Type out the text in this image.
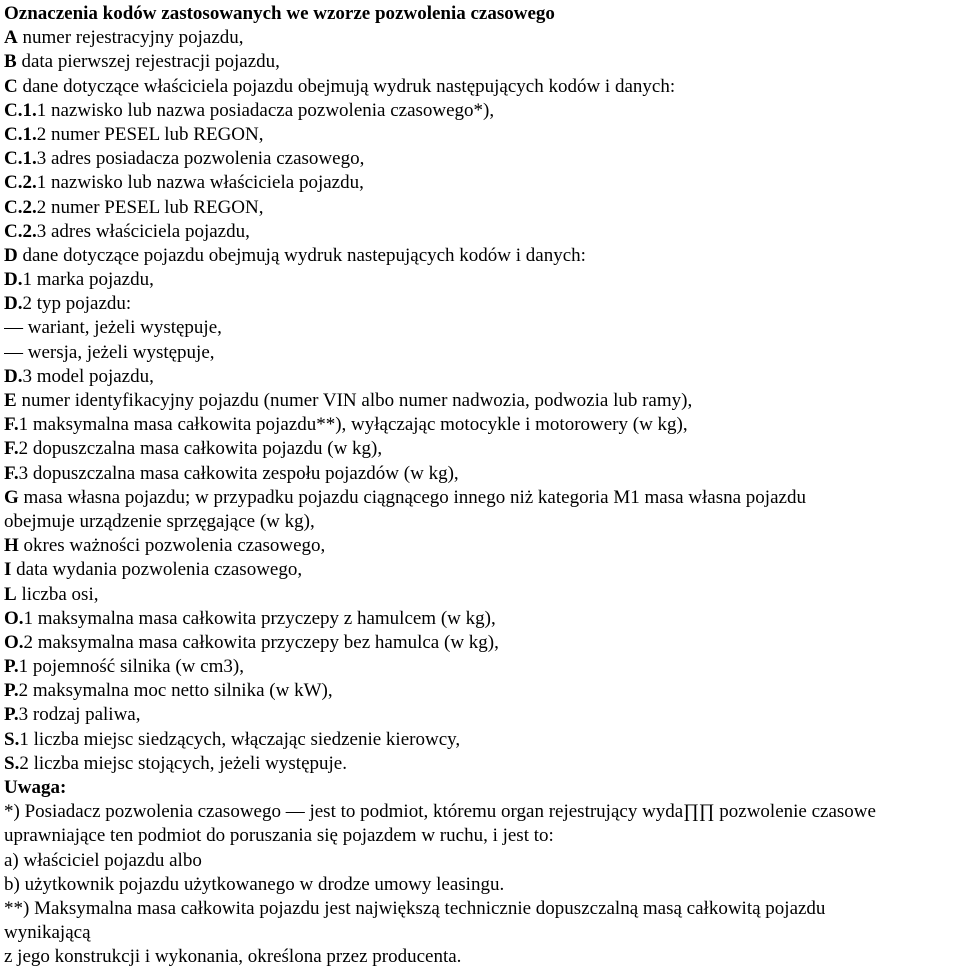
Oznaczenia kodów zastosowanych we wzorze pozwolenia czasowego
A numer rejestracyjny pojazdu,
B data pierwszej rejestracji pojazdu,
C dane dotyczące właściciela pojazdu obejmują wydruk następujących kodów i danych:
C.1.1 nazwisko lub nazwa posiadacza pozwolenia czasowego*),
C.1.2 numer PESEL lub REGON,
C.1.3 adres posiadacza pozwolenia czasowego,
C.2.1 nazwisko lub nazwa właściciela pojazdu,
C.2.2 numer PESEL lub REGON,
C.2.3 adres właściciela pojazdu,
D dane dotyczące pojazdu obejmują wydruk nastepujących kodów i danych:
D.1 marka pojazdu,
D.2 typ pojazdu:
— wariant, jeżeli występuje,
— wersja, jeżeli występuje,
D.3 model pojazdu,
E numer identyfikacyjny pojazdu (numer VIN albo numer nadwozia, podwozia lub ramy),
F.1 maksymalna masa całkowita pojazdu**), wyłączając motocykle i motorowery (w kg),
F.2 dopuszczalna masa całkowita pojazdu (w kg),
F.3 dopuszczalna masa całkowita zespołu pojazdów (w kg),
G masa własna pojazdu; w przypadku pojazdu ciągnącego innego niż kategoria M1 masa własna pojazdu
obejmuje urządzenie sprzęgające (w kg),
H okres ważności pozwolenia czasowego,
I data wydania pozwolenia czasowego,
L liczba osi,
O.1 maksymalna masa całkowita przyczepy z hamulcem (w kg),
O.2 maksymalna masa całkowita przyczepy bez hamulca (w kg),
P.1 pojemność silnika (w cm3),
P.2 maksymalna moc netto silnika (w kW),
P.3 rodzaj paliwa,
S.1 liczba miejsc siedzących, włączając siedzenie kierowcy,
S.2 liczba miejsc stojących, jeżeli występuje.
Uwaga:
*) Posiadacz pozwolenia czasowego — jest to podmiot, któremu organ rejestrujący wyda∏∏ pozwolenie czasowe
uprawniające ten podmiot do poruszania się pojazdem w ruchu, i jest to:
a) właściciel pojazdu albo
b) użytkownik pojazdu użytkowanego w drodze umowy leasingu.
**) Maksymalna masa całkowita pojazdu jest największą technicznie dopuszczalną masą całkowitą pojazdu
wynikającą
z jego konstrukcji i wykonania, określona przez producenta.
